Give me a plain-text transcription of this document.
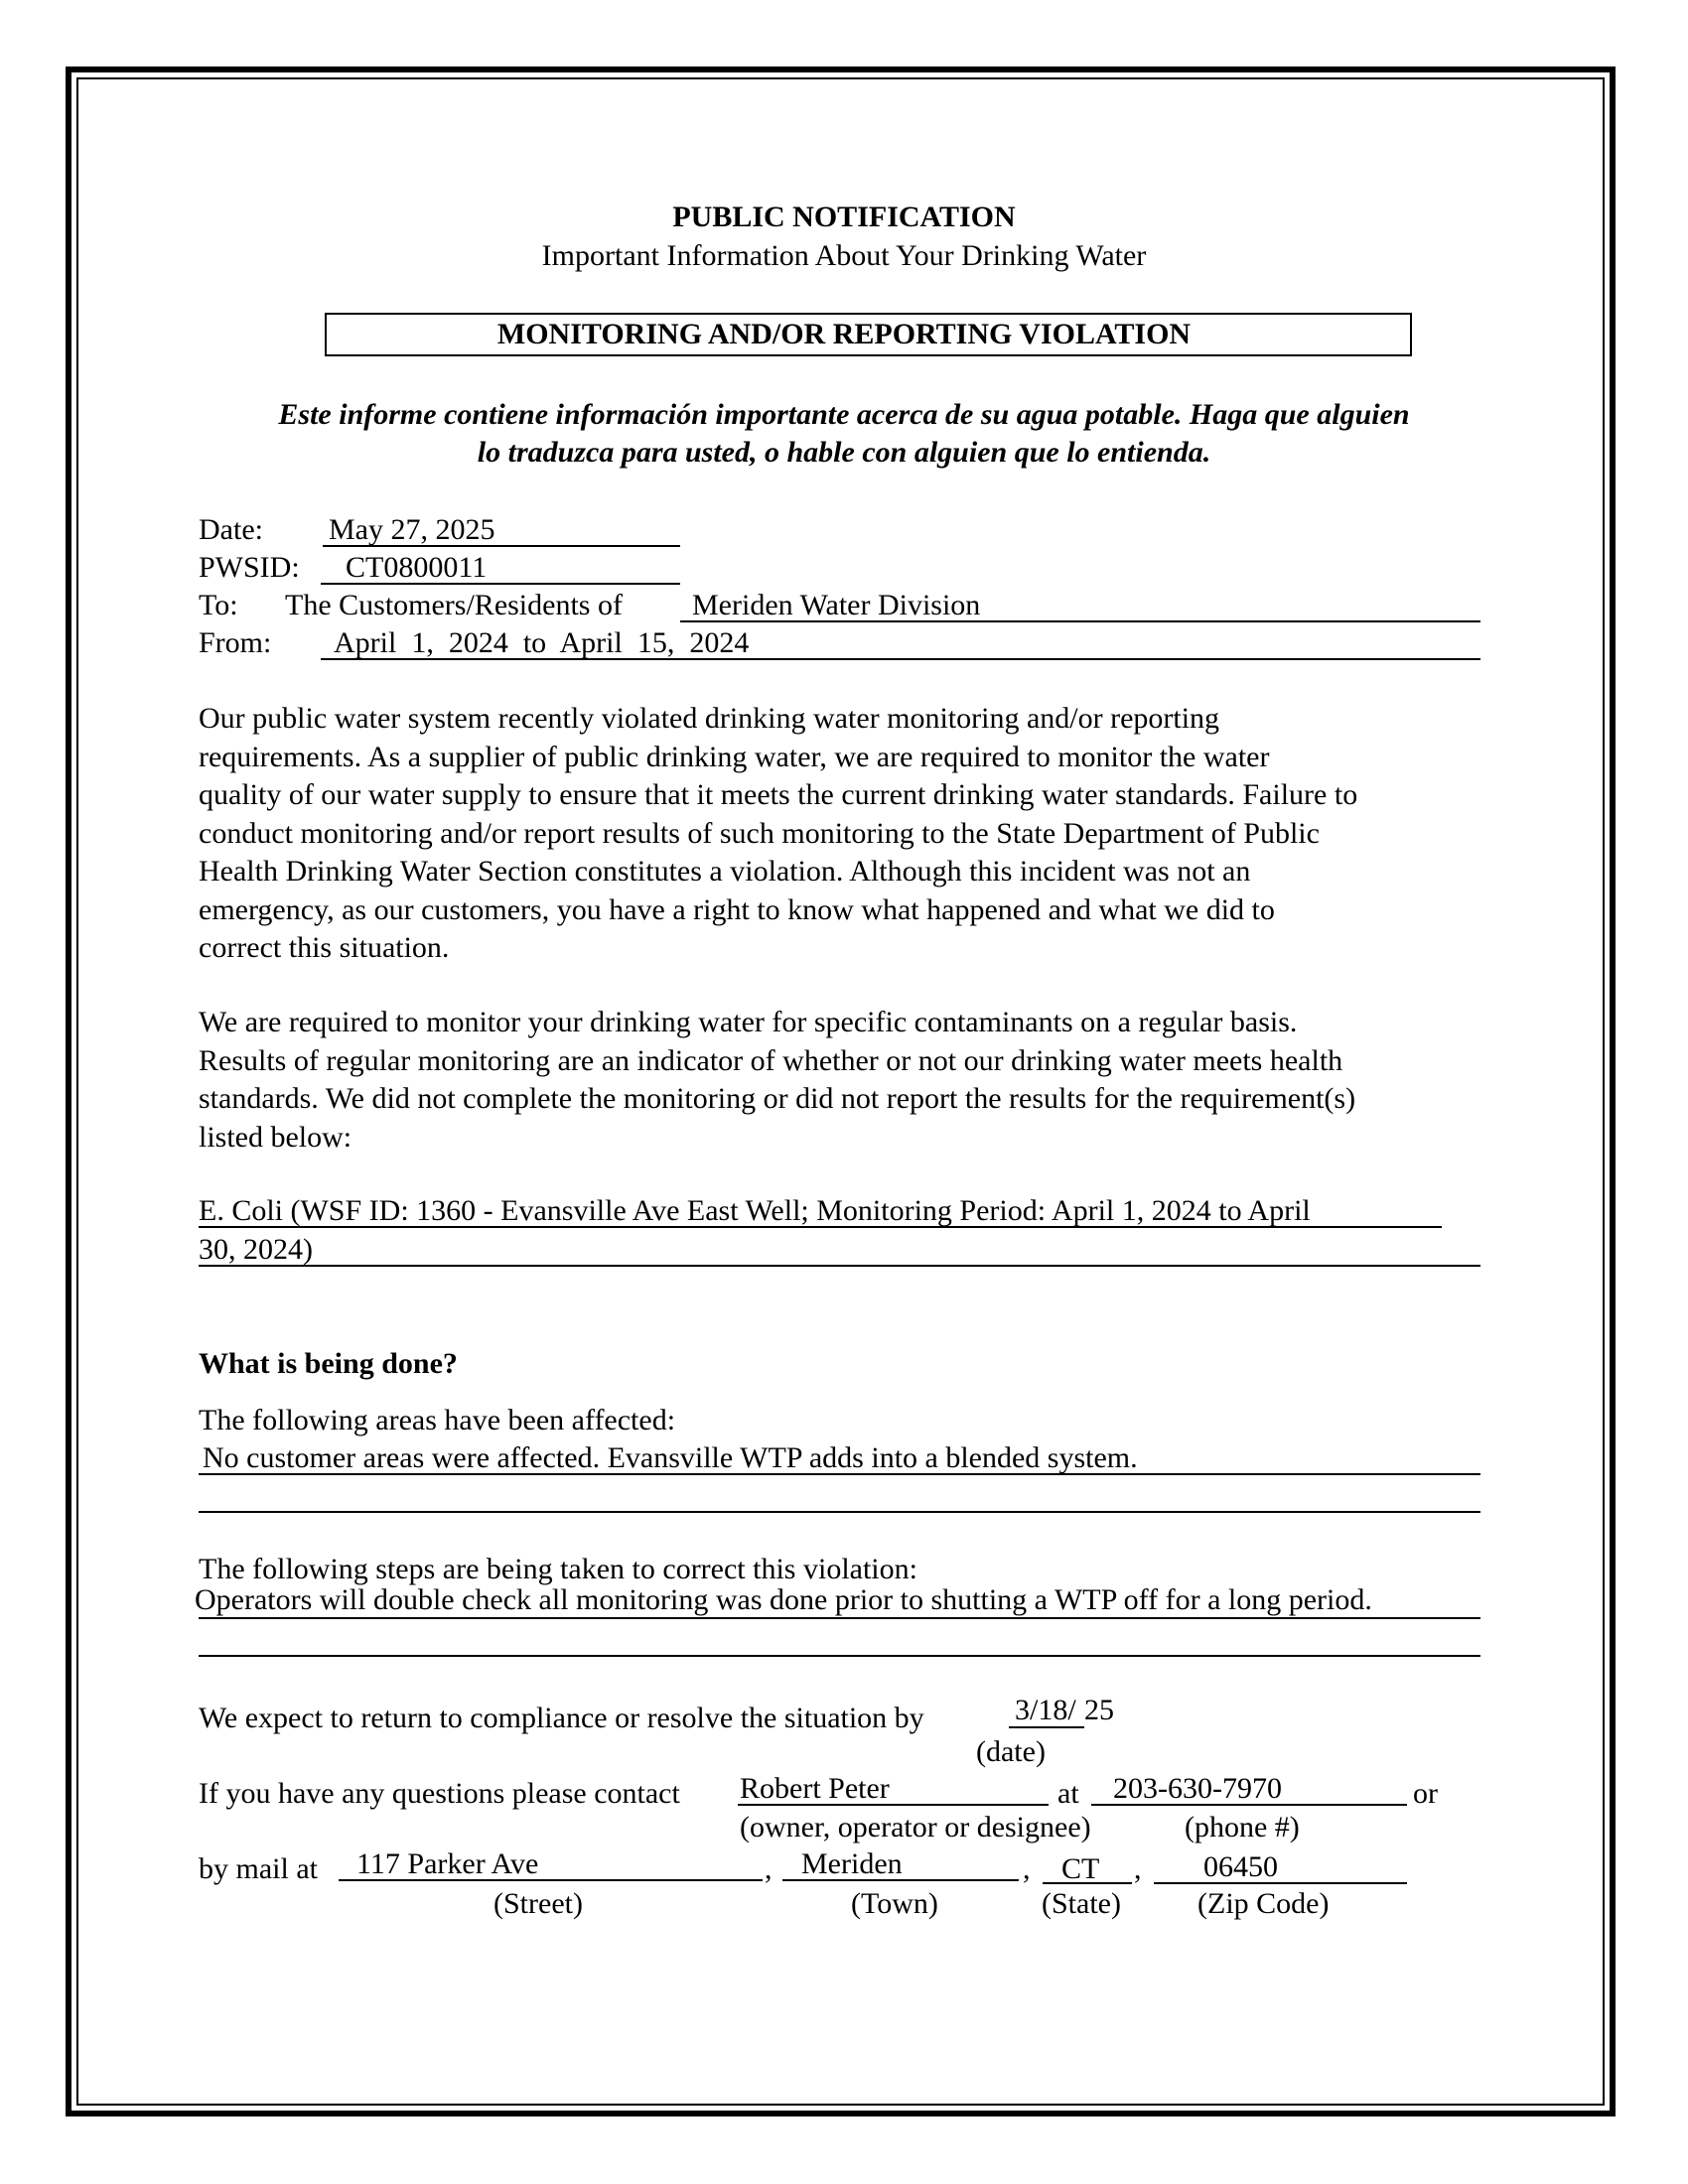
PUBLIC NOTIFICATION
Important Information About Your Drinking Water
MONITORING AND/OR REPORTING VIOLATION
Este informe contiene información importante acerca de su agua potable. Haga que alguien
lo traduzca para usted, o hable con alguien que lo entienda.
Date: May 27, 2025
PWSID: CT0800011
To: The Customers/Residents of Meriden Water Division
From: April  1,  2024  to  April  15,  2024
Our public water system recently violated drinking water monitoring and/or reporting
requirements. As a supplier of public drinking water, we are required to monitor the water
quality of our water supply to ensure that it meets the current drinking water standards. Failure to
conduct monitoring and/or report results of such monitoring to the State Department of Public
Health Drinking Water Section constitutes a violation. Although this incident was not an
emergency, as our customers, you have a right to know what happened and what we did to
correct this situation.
We are required to monitor your drinking water for specific contaminants on a regular basis.
Results of regular monitoring are an indicator of whether or not our drinking water meets health
standards. We did not complete the monitoring or did not report the results for the requirement(s)
listed below:
E. Coli (WSF ID: 1360 - Evansville Ave East Well; Monitoring Period: April 1, 2024 to April
30, 2024)
What is being done?
The following areas have been affected:
No customer areas were affected. Evansville WTP adds into a blended system.
The following steps are being taken to correct this violation:
Operators will double check all monitoring was done prior to shutting a WTP off for a long period.
We expect to return to compliance or resolve the situation by	3/18/ 25
(date)
If you have any questions please contact Robert Peter	at 203-630-7970	or
(owner, operator or designee)	(phone #)
by mail at 117 Parker Ave	, Meriden	, CT , 06450
(Street)	(Town)	(State)	(Zip Code)
